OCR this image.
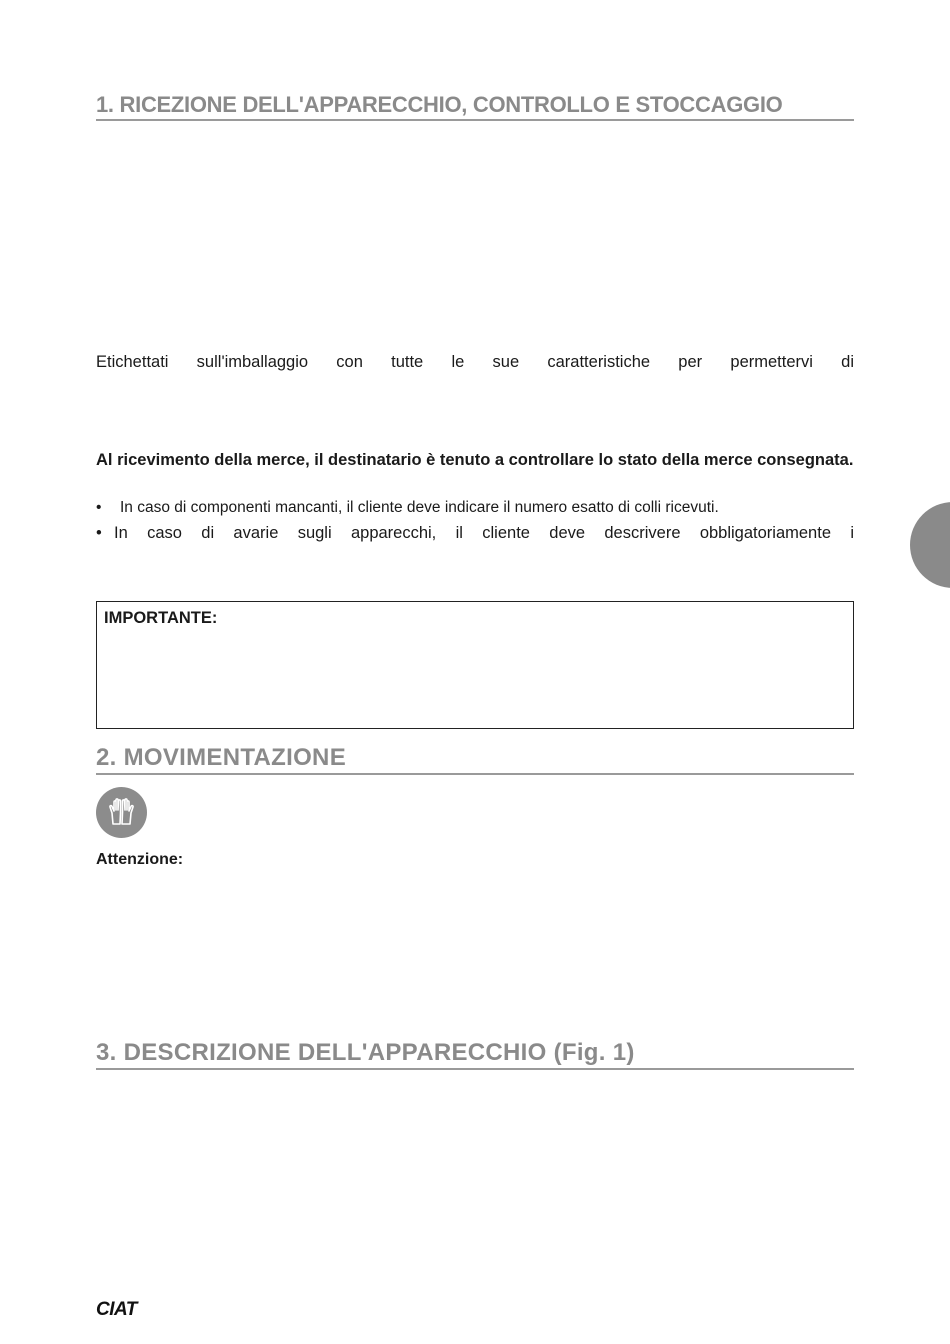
1. RICEZIONE DELL'APPARECCHIO, CONTROLLO E STOCCAGGIO
Etichettati sull'imballaggio con tutte le sue caratteristiche per permettervi di
Al ricevimento della merce, il destinatario è tenuto a controllare lo stato della merce consegnata.
•	In caso di componenti mancanti, il cliente deve indicare il numero esatto di colli ricevuti.
• In caso di avarie sugli apparecchi, il cliente deve descrivere obbligatoriamente i
IMPORTANTE:
2. MOVIMENTAZIONE
Attenzione:
3. DESCRIZIONE DELL'APPARECCHIO (Fig. 1)
CIAT
